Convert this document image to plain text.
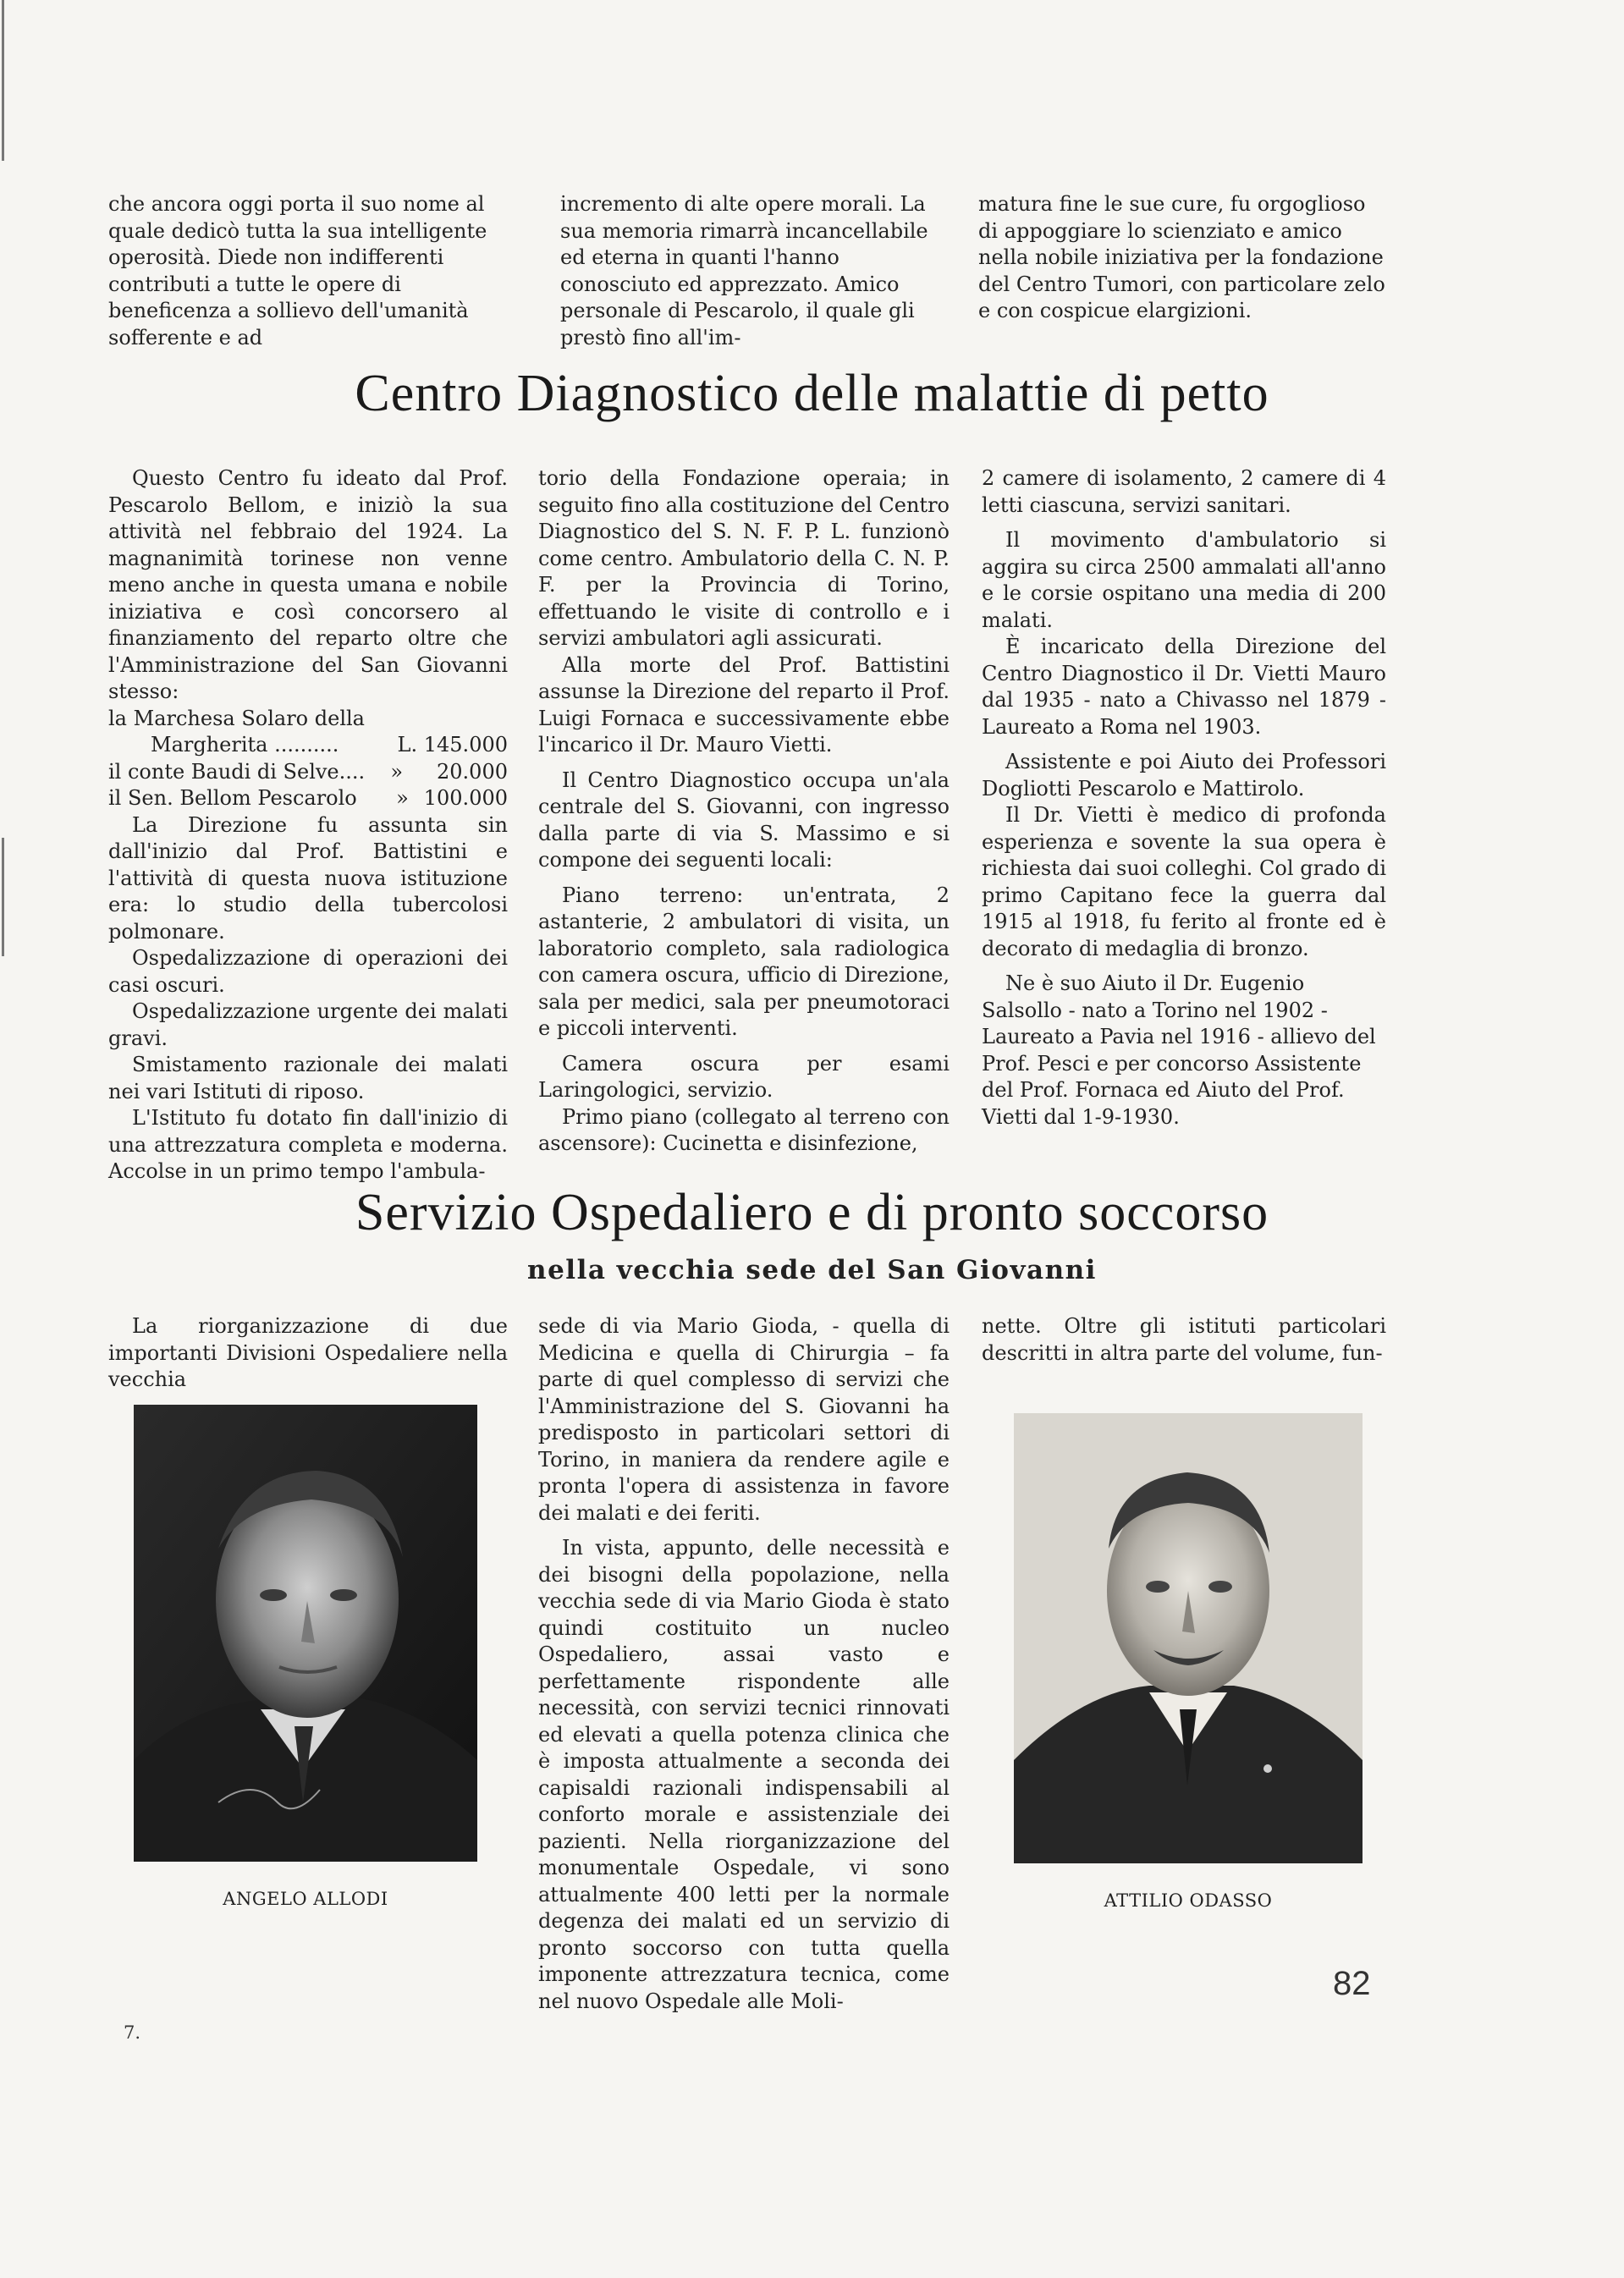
che ancora oggi porta il suo nome al quale dedicò tutta la sua intelligente operosità. Diede non indifferenti contributi a tutte le opere di beneficenza a sollievo dell'umanità sofferente e ad

incremento di alte opere morali. La sua memoria rimarrà incancellabile ed eterna in quanti l'hanno conosciuto ed apprezzato. Amico personale di Pescarolo, il quale gli prestò fino all'im-

matura fine le sue cure, fu orgoglioso di appoggiare lo scienziato e amico nella nobile iniziativa per la fondazione del Centro Tumori, con particolare zelo e con cospicue elargizioni.

Centro Diagnostico delle malattie di petto

Questo Centro fu ideato dal Prof. Pescarolo Bellom, e iniziò la sua attività nel febbraio del 1924. La magnanimità torinese non venne meno anche in questa umana e nobile iniziativa e così concorsero al finanziamento del reparto oltre che l'Amministrazione del San Giovanni stesso:

la Marchesa Solaro della
Margherita ..........	L. 145.000
il conte Baudi di Selve.... » 20.000
il Sen. Bellom Pescarolo » 100.000

La Direzione fu assunta sin dall'inizio dal Prof. Battistini e l'attività di questa nuova istituzione era: lo studio della tubercolosi polmonare.

Ospedalizzazione di operazioni dei casi oscuri.

Ospedalizzazione urgente dei malati gravi.

Smistamento razionale dei malati nei vari Istituti di riposo.

L'Istituto fu dotato fin dall'inizio di una attrezzatura completa e moderna. Accolse in un primo tempo l'ambula-

torio della Fondazione operaia; in seguito fino alla costituzione del Centro Diagnostico del S. N. F. P. L. funzionò come centro. Ambulatorio della C. N. P. F. per la Provincia di Torino, effettuando le visite di controllo e i servizi ambulatori agli assicurati.

Alla morte del Prof. Battistini assunse la Direzione del reparto il Prof. Luigi Fornaca e successivamente ebbe l'incarico il Dr. Mauro Vietti.

Il Centro Diagnostico occupa un'ala centrale del S. Giovanni, con ingresso dalla parte di via S. Massimo e si compone dei seguenti locali:

Piano terreno: un'entrata, 2 astanterie, 2 ambulatori di visita, un laboratorio completo, sala radiologica con camera oscura, ufficio di Direzione, sala per medici, sala per pneumotoraci e piccoli interventi.

Camera oscura per esami Laringologici, servizio.

Primo piano (collegato al terreno con ascensore): Cucinetta e disinfezione,

2 camere di isolamento, 2 camere di 4 letti ciascuna, servizi sanitari.

Il movimento d'ambulatorio si aggira su circa 2500 ammalati all'anno e le corsie ospitano una media di 200 malati.

È incaricato della Direzione del Centro Diagnostico il Dr. Vietti Mauro dal 1935 - nato a Chivasso nel 1879 - Laureato a Roma nel 1903.

Assistente e poi Aiuto dei Professori Dogliotti Pescarolo e Mattirolo.

Il Dr. Vietti è medico di profonda esperienza e sovente la sua opera è richiesta dai suoi colleghi. Col grado di primo Capitano fece la guerra dal 1915 al 1918, fu ferito al fronte ed è decorato di medaglia di bronzo.

Ne è suo Aiuto il Dr. Eugenio Salsollo - nato a Torino nel 1902 - Laureato a Pavia nel 1916 - allievo del Prof. Pesci e per concorso Assistente del Prof. Fornaca ed Aiuto del Prof. Vietti dal 1-9-1930.

Servizio Ospedaliero e di pronto soccorso
nella vecchia sede del San Giovanni

La riorganizzazione di due importanti Divisioni Ospedaliere nella vecchia

ANGELO ALLODI

sede di via Mario Gioda, - quella di Medicina e quella di Chirurgia – fa parte di quel complesso di servizi che l'Amministrazione del S. Giovanni ha predisposto in particolari settori di Torino, in maniera da rendere agile e pronta l'opera di assistenza in favore dei malati e dei feriti.

In vista, appunto, delle necessità e dei bisogni della popolazione, nella vecchia sede di via Mario Gioda è stato quindi costituito un nucleo Ospedaliero, assai vasto e perfettamente rispondente alle necessità, con servizi tecnici rinnovati ed elevati a quella potenza clinica che è imposta attualmente a seconda dei capisaldi razionali indispensabili al conforto morale e assistenziale dei pazienti. Nella riorganizzazione del monumentale Ospedale, vi sono attualmente 400 letti per la normale degenza dei malati ed un servizio di pronto soccorso con tutta quella imponente attrezzatura tecnica, come nel nuovo Ospedale alle Moli-

nette. Oltre gli istituti particolari descritti in altra parte del volume, fun-

ATTILIO ODASSO
82
7.
